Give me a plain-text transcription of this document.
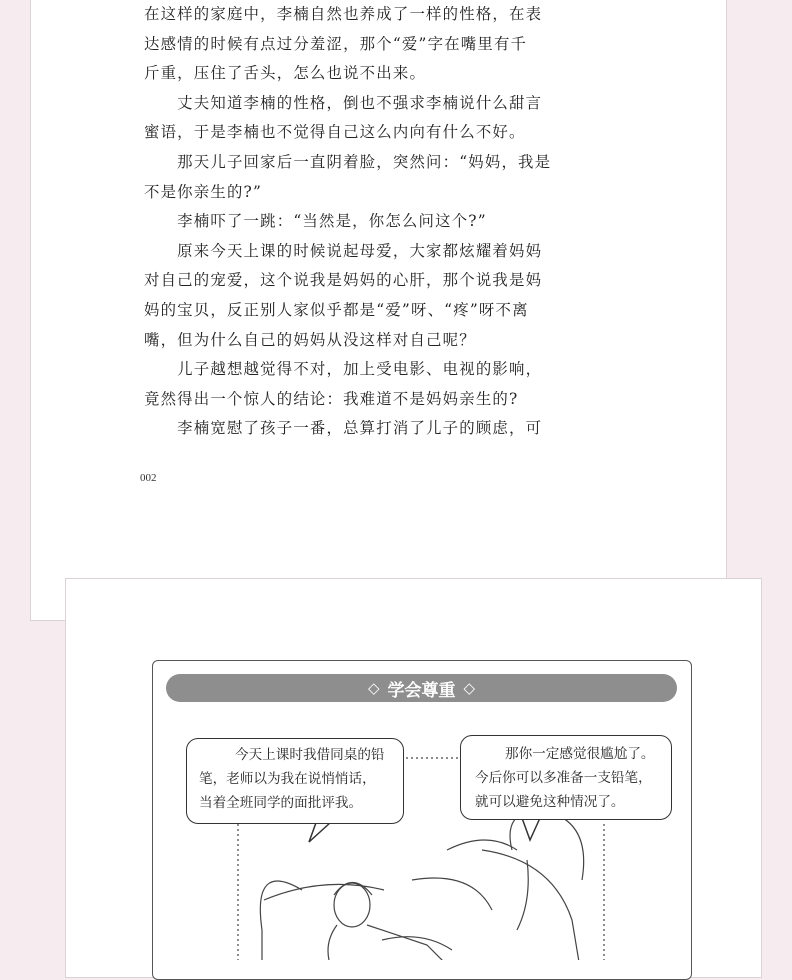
在这样的家庭中，李楠自然也养成了一样的性格，在表
达感情的时候有点过分羞涩，那个“爱”字在嘴里有千
斤重，压住了舌头，怎么也说不出来。
　　丈夫知道李楠的性格，倒也不强求李楠说什么甜言
蜜语，于是李楠也不觉得自己这么内向有什么不好。
　　那天儿子回家后一直阴着脸，突然问：“妈妈，我是
不是你亲生的?”
　　李楠吓了一跳：“当然是，你怎么问这个?”
　　原来今天上课的时候说起母爱，大家都炫耀着妈妈
对自己的宠爱，这个说我是妈妈的心肝，那个说我是妈
妈的宝贝，反正别人家似乎都是“爱”呀、“疼”呀不离
嘴，但为什么自己的妈妈从没这样对自己呢？
　　儿子越想越觉得不对，加上受电影、电视的影响，
竟然得出一个惊人的结论：我难道不是妈妈亲生的?
　　李楠宽慰了孩子一番，总算打消了儿子的顾虑，可
002
◇ 学会尊重 ◇
今天上课时我借同桌的铅
笔，老师以为我在说悄悄话，
当着全班同学的面批评我。
那你一定感觉很尴尬了。
今后你可以多准备一支铅笔，
就可以避免这种情况了。
